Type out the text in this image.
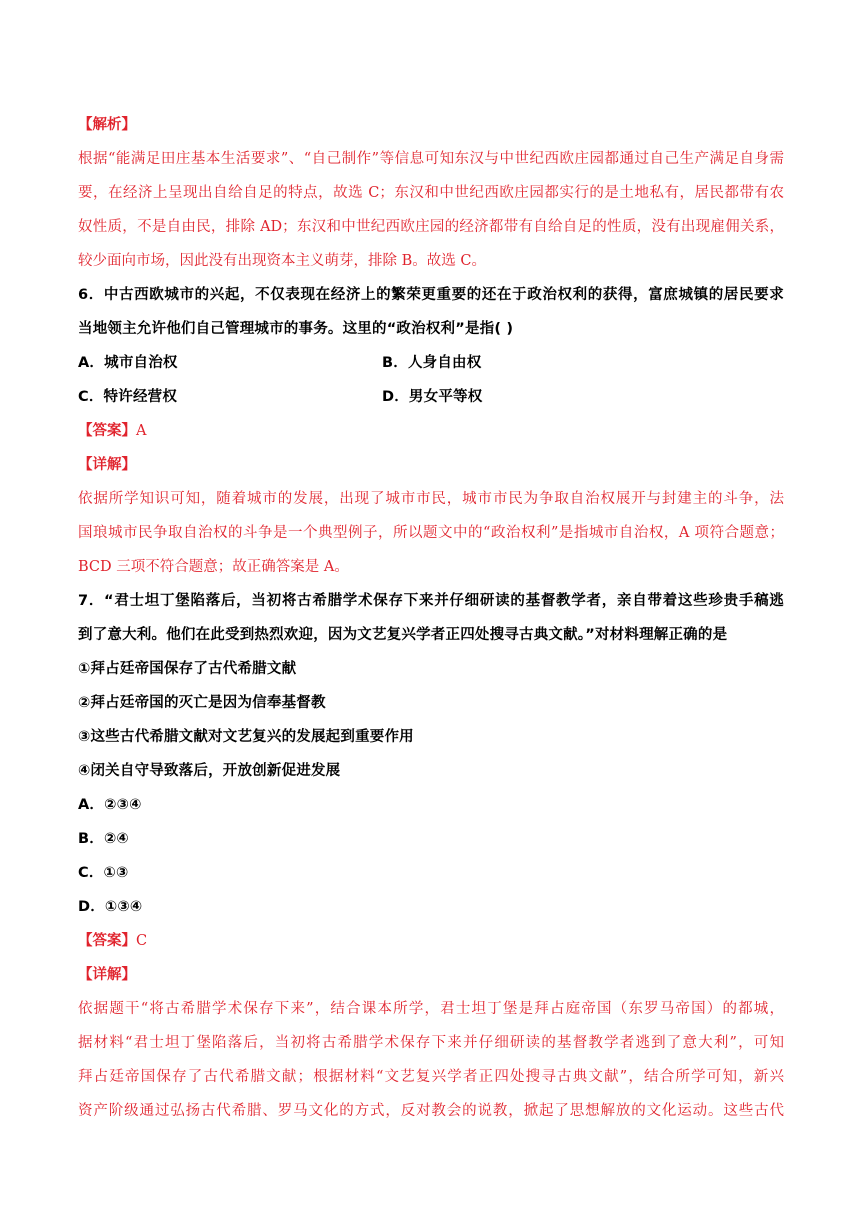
【解析】
根据“能满足田庄基本生活要求”、“自己制作”等信息可知东汉与中世纪西欧庄园都通过自己生产满足自身需
要，在经济上呈现出自给自足的特点，故选 C；东汉和中世纪西欧庄园都实行的是土地私有，居民都带有农
奴性质，不是自由民，排除 AD；东汉和中世纪西欧庄园的经济都带有自给自足的性质，没有出现雇佣关系，
较少面向市场，因此没有出现资本主义萌芽，排除 B。故选 C。
6．中古西欧城市的兴起，不仅表现在经济上的繁荣更重要的还在于政治权利的获得，富庶城镇的居民要求
当地领主允许他们自己管理城市的事务。这里的“政治权利”是指( )
A．城市自治权	B．人身自由权
C．特许经营权	D．男女平等权
【答案】A
【详解】
依据所学知识可知，随着城市的发展，出现了城市市民，城市市民为争取自治权展开与封建主的斗争，法
国琅城市民争取自治权的斗争是一个典型例子，所以题文中的“政治权利”是指城市自治权，A 项符合题意；
BCD 三项不符合题意；故正确答案是 A。
7．“君士坦丁堡陷落后，当初将古希腊学术保存下来并仔细研读的基督教学者，亲自带着这些珍贵手稿逃
到了意大利。他们在此受到热烈欢迎，因为文艺复兴学者正四处搜寻古典文献。”对材料理解正确的是
①拜占廷帝国保存了古代希腊文献
②拜占廷帝国的灭亡是因为信奉基督教
③这些古代希腊文献对文艺复兴的发展起到重要作用
④闭关自守导致落后，开放创新促进发展
A．②③④
B．②④
C．①③
D．①③④
【答案】C
【详解】
依据题干“将古希腊学术保存下来”，结合课本所学，君士坦丁堡是拜占庭帝国（东罗马帝国）的都城，
据材料“君士坦丁堡陷落后，当初将古希腊学术保存下来并仔细研读的基督教学者逃到了意大利”，可知
拜占廷帝国保存了古代希腊文献；根据材料“文艺复兴学者正四处搜寻古典文献”，结合所学可知，新兴
资产阶级通过弘扬古代希腊、罗马文化的方式，反对教会的说教，掀起了思想解放的文化运动。这些古代
